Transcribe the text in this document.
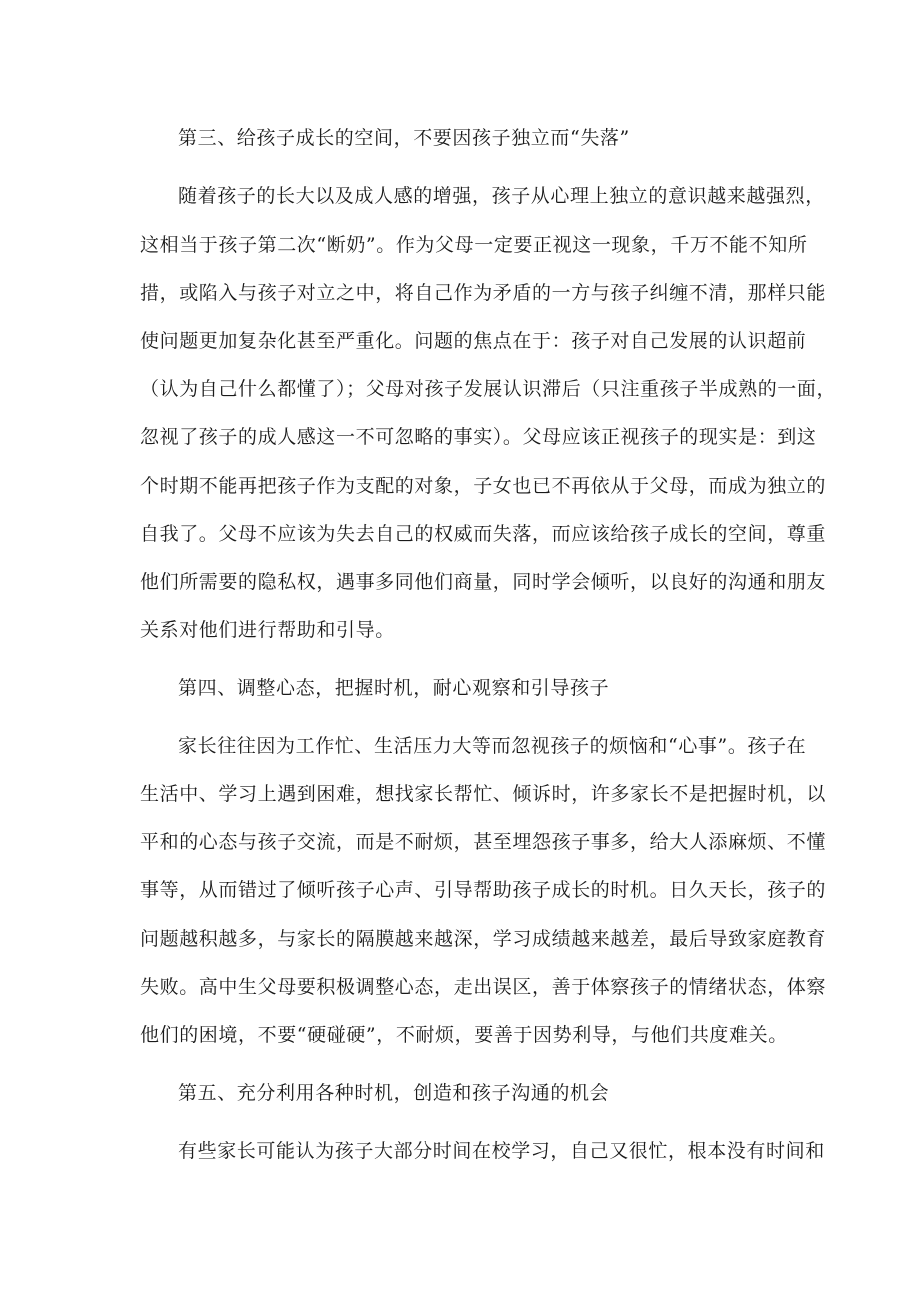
第三、给孩子成长的空间，不要因孩子独立而“失落”
随着孩子的长大以及成人感的增强，孩子从心理上独立的意识越来越强烈，
这相当于孩子第二次“断奶”。作为父母一定要正视这一现象，千万不能不知所
措，或陷入与孩子对立之中，将自己作为矛盾的一方与孩子纠缠不清，那样只能
使问题更加复杂化甚至严重化。问题的焦点在于：孩子对自己发展的认识超前
（认为自己什么都懂了）；父母对孩子发展认识滞后（只注重孩子半成熟的一面，
忽视了孩子的成人感这一不可忽略的事实）。父母应该正视孩子的现实是：到这
个时期不能再把孩子作为支配的对象，子女也已不再依从于父母，而成为独立的
自我了。父母不应该为失去自己的权威而失落，而应该给孩子成长的空间，尊重
他们所需要的隐私权，遇事多同他们商量，同时学会倾听，以良好的沟通和朋友
关系对他们进行帮助和引导。
第四、调整心态，把握时机，耐心观察和引导孩子
家长往往因为工作忙、生活压力大等而忽视孩子的烦恼和“心事”。孩子在
生活中、学习上遇到困难，想找家长帮忙、倾诉时，许多家长不是把握时机，以
平和的心态与孩子交流，而是不耐烦，甚至埋怨孩子事多，给大人添麻烦、不懂
事等，从而错过了倾听孩子心声、引导帮助孩子成长的时机。日久天长，孩子的
问题越积越多，与家长的隔膜越来越深，学习成绩越来越差，最后导致家庭教育
失败。高中生父母要积极调整心态，走出误区，善于体察孩子的情绪状态，体察
他们的困境，不要“硬碰硬”，不耐烦，要善于因势利导，与他们共度难关。
第五、充分利用各种时机，创造和孩子沟通的机会
有些家长可能认为孩子大部分时间在校学习，自己又很忙，根本没有时间和
